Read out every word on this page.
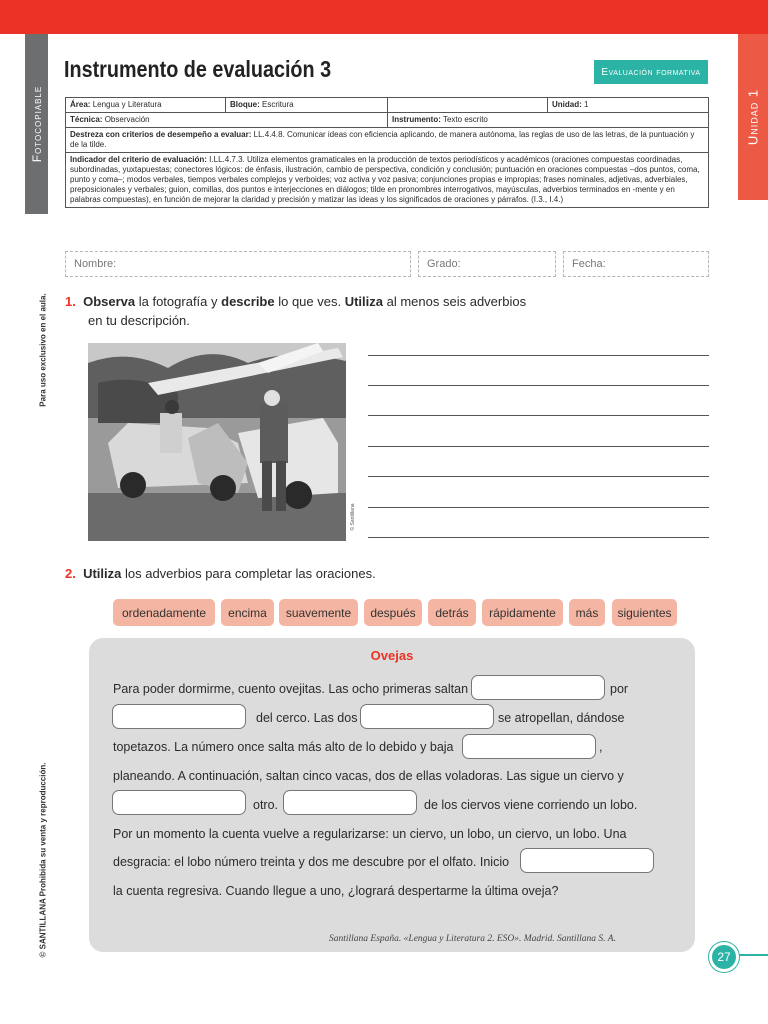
Fotocopiable
Para uso exclusivo en el aula.
© SANTILLANA Prohibida su venta y reproducción.
Unidad 1
Instrumento de evaluación 3	Evaluación formativa
Área: Lengua y Literatura	Bloque: Escritura		Unidad: 1
Técnica: Observación		Instrumento: Texto escrito	
Destreza con criterios de desempeño a evaluar: LL.4.4.8. Comunicar ideas con eficiencia aplicando, de manera autónoma, las reglas de uso de las letras, de la puntuación y de la tilde.			
Indicador del criterio de evaluación: I.LL.4.7.3. Utiliza elementos gramaticales en la producción de textos periodísticos y académicos (oraciones compuestas coordinadas, subordinadas, yuxtapuestas; conectores lógicos: de énfasis, ilustración, cambio de perspectiva, condición y conclusión; puntuación en oraciones compuestas –dos puntos, coma, punto y coma–; modos verbales, tiempos verbales complejos y verboides; voz activa y voz pasiva; conjunciones propias e impropias; frases nominales, adjetivas, adverbiales, preposicionales y verbales; guion, comillas, dos puntos e interjecciones en diálogos; tilde en pronombres interrogativos, mayúsculas, adverbios terminados en -mente y en palabras compuestas), en función de mejorar la claridad y precisión y matizar las ideas y los significados de oraciones y párrafos. (I.3., I.4.)			
Nombre:	Grado:	Fecha:
1. Observa la fotografía y describe lo que ves. Utiliza al menos seis adverbios
en tu descripción.
© Santillana
2. Utiliza los adverbios para completar las oraciones.
ordenadamente	encima	suavemente	después	detrás	rápidamente	más	siguientes
Ovejas
Para poder dormirme, cuento ovejitas. Las ocho primeras saltan	por
del cerco. Las dos	se atropellan, dándose
topetazos. La número once salta más alto de lo debido y baja	,
planeando. A continuación, saltan cinco vacas, dos de ellas voladoras. Las sigue un ciervo y
otro.	de los ciervos viene corriendo un lobo.
Por un momento la cuenta vuelve a regularizarse: un ciervo, un lobo, un ciervo, un lobo. Una
desgracia: el lobo número treinta y dos me descubre por el olfato. Inicio
la cuenta regresiva. Cuando llegue a uno, ¿logrará despertarme la última oveja?
Santillana España. «Lengua y Literatura 2. ESO». Madrid. Santillana S. A.
27
